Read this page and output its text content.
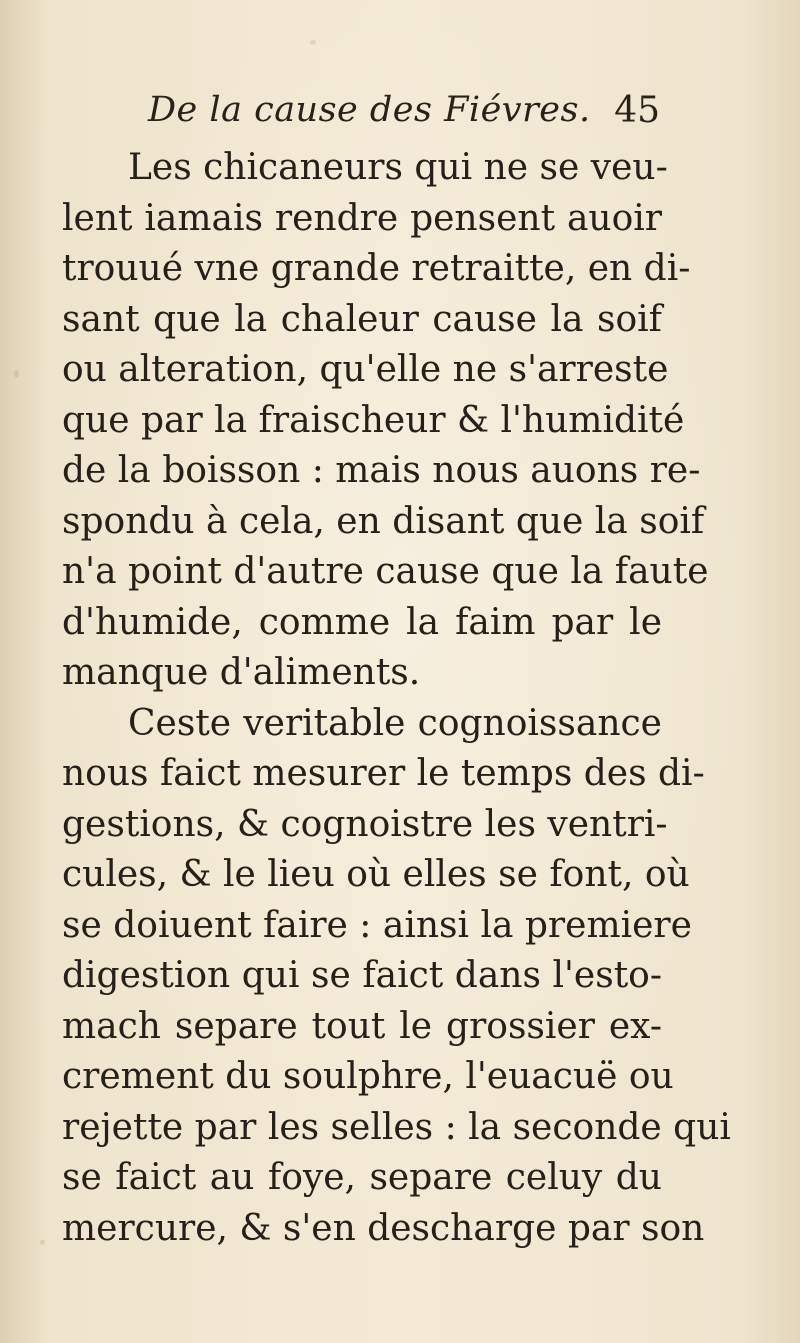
De la cause des Fiévres. 45
Les chicaneurs qui ne se veu-
lent iamais rendre pensent auoir
trouué vne grande retraitte, en di-
sant que la chaleur cause la soif
ou alteration, qu'elle ne s'arreste
que par la fraischeur & l'humidité
de la boisson : mais nous auons re-
spondu à cela, en disant que la soif
n'a point d'autre cause que la faute
d'humide, comme la faim par le
manque d'aliments.
Ceste veritable cognoissance
nous faict mesurer le temps des di-
gestions, & cognoistre les ventri-
cules, & le lieu où elles se font, où
se doiuent faire : ainsi la premiere
digestion qui se faict dans l'esto-
mach separe tout le grossier ex-
crement du soulphre, l'euacuë ou
rejette par les selles : la seconde qui
se faict au foye, separe celuy du
mercure, & s'en descharge par son
